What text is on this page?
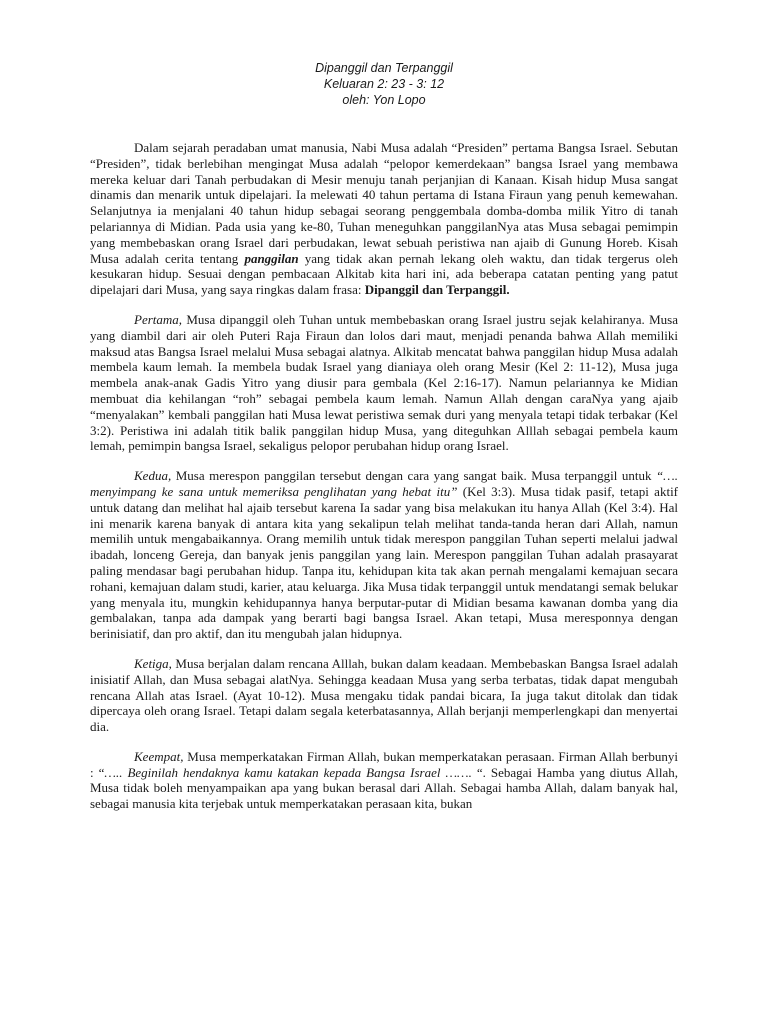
Dipanggil dan Terpanggil

Keluaran 2: 23 - 3: 12

oleh: Yon Lopo

Dalam sejarah peradaban umat manusia, Nabi Musa adalah “Presiden” pertama Bangsa Israel. Sebutan “Presiden”, tidak berlebihan mengingat Musa adalah “pelopor kemerdekaan” bangsa Israel yang membawa mereka keluar dari Tanah perbudakan di Mesir menuju tanah perjanjian di Kanaan. Kisah hidup Musa sangat dinamis dan menarik untuk dipelajari. Ia melewati 40 tahun pertama di Istana Firaun yang penuh kemewahan. Selanjutnya ia menjalani 40 tahun hidup sebagai seorang penggembala domba-domba milik Yitro di tanah pelariannya di Midian. Pada usia yang ke-80, Tuhan meneguhkan panggilanNya atas Musa sebagai pemimpin yang membebaskan orang Israel dari perbudakan, lewat sebuah peristiwa nan ajaib di Gunung Horeb. Kisah Musa adalah cerita tentang panggilan yang tidak akan pernah lekang oleh waktu, dan tidak tergerus oleh kesukaran hidup. Sesuai dengan pembacaan Alkitab kita hari ini, ada beberapa catatan penting yang patut dipelajari dari Musa, yang saya ringkas dalam frasa: Dipanggil dan Terpanggil.

Pertama, Musa dipanggil oleh Tuhan untuk membebaskan orang Israel justru sejak kelahiranya. Musa yang diambil dari air oleh Puteri Raja Firaun dan lolos dari maut, menjadi penanda bahwa Allah memiliki maksud atas Bangsa Israel melalui Musa sebagai alatnya. Alkitab mencatat bahwa panggilan hidup Musa adalah membela kaum lemah. Ia membela budak Israel yang dianiaya oleh orang Mesir (Kel 2: 11-12), Musa juga membela anak-anak Gadis Yitro yang diusir para gembala (Kel 2:16-17). Namun pelariannya ke Midian membuat dia kehilangan “roh” sebagai pembela kaum lemah. Namun Allah dengan caraNya yang ajaib “menyalakan” kembali panggilan hati Musa lewat peristiwa semak duri yang menyala tetapi tidak terbakar (Kel 3:2). Peristiwa ini adalah titik balik panggilan hidup Musa, yang diteguhkan Alllah sebagai pembela kaum lemah, pemimpin bangsa Israel, sekaligus pelopor perubahan hidup orang Israel.

Kedua, Musa merespon panggilan tersebut dengan cara yang sangat baik. Musa terpanggil untuk “…. menyimpang ke sana untuk memeriksa penglihatan yang hebat itu” (Kel 3:3). Musa tidak pasif, tetapi aktif untuk datang dan melihat hal ajaib tersebut karena Ia sadar yang bisa melakukan itu hanya Allah (Kel 3:4). Hal ini menarik karena banyak di antara kita yang sekalipun telah melihat tanda-tanda heran dari Allah, namun memilih untuk mengabaikannya. Orang memilih untuk tidak merespon panggilan Tuhan seperti melalui jadwal ibadah, lonceng Gereja, dan banyak jenis panggilan yang lain. Merespon panggilan Tuhan adalah prasayarat paling mendasar bagi perubahan hidup. Tanpa itu, kehidupan kita tak akan pernah mengalami kemajuan secara rohani, kemajuan dalam studi, karier, atau keluarga. Jika Musa tidak terpanggil untuk mendatangi semak belukar yang menyala itu, mungkin kehidupannya hanya berputar-putar di Midian besama kawanan domba yang dia gembalakan, tanpa ada dampak yang berarti bagi bangsa Israel. Akan tetapi, Musa meresponnya dengan berinisiatif, dan pro aktif, dan itu mengubah jalan hidupnya.

Ketiga, Musa berjalan dalam rencana Alllah, bukan dalam keadaan. Membebaskan Bangsa Israel adalah inisiatif Allah, dan Musa sebagai alatNya. Sehingga keadaan Musa yang serba terbatas, tidak dapat mengubah rencana Allah atas Israel. (Ayat 10-12). Musa mengaku tidak pandai bicara, Ia juga takut ditolak dan tidak dipercaya oleh orang Israel. Tetapi dalam segala keterbatasannya, Allah berjanji memperlengkapi dan menyertai dia.

Keempat, Musa memperkatakan Firman Allah, bukan memperkatakan perasaan. Firman Allah berbunyi : “….. Beginilah hendaknya kamu katakan kepada Bangsa Israel ……. “. Sebagai Hamba yang diutus Allah, Musa tidak boleh menyampaikan apa yang bukan berasal dari Allah. Sebagai hamba Allah, dalam banyak hal, sebagai manusia kita terjebak untuk memperkatakan perasaan kita, bukan
